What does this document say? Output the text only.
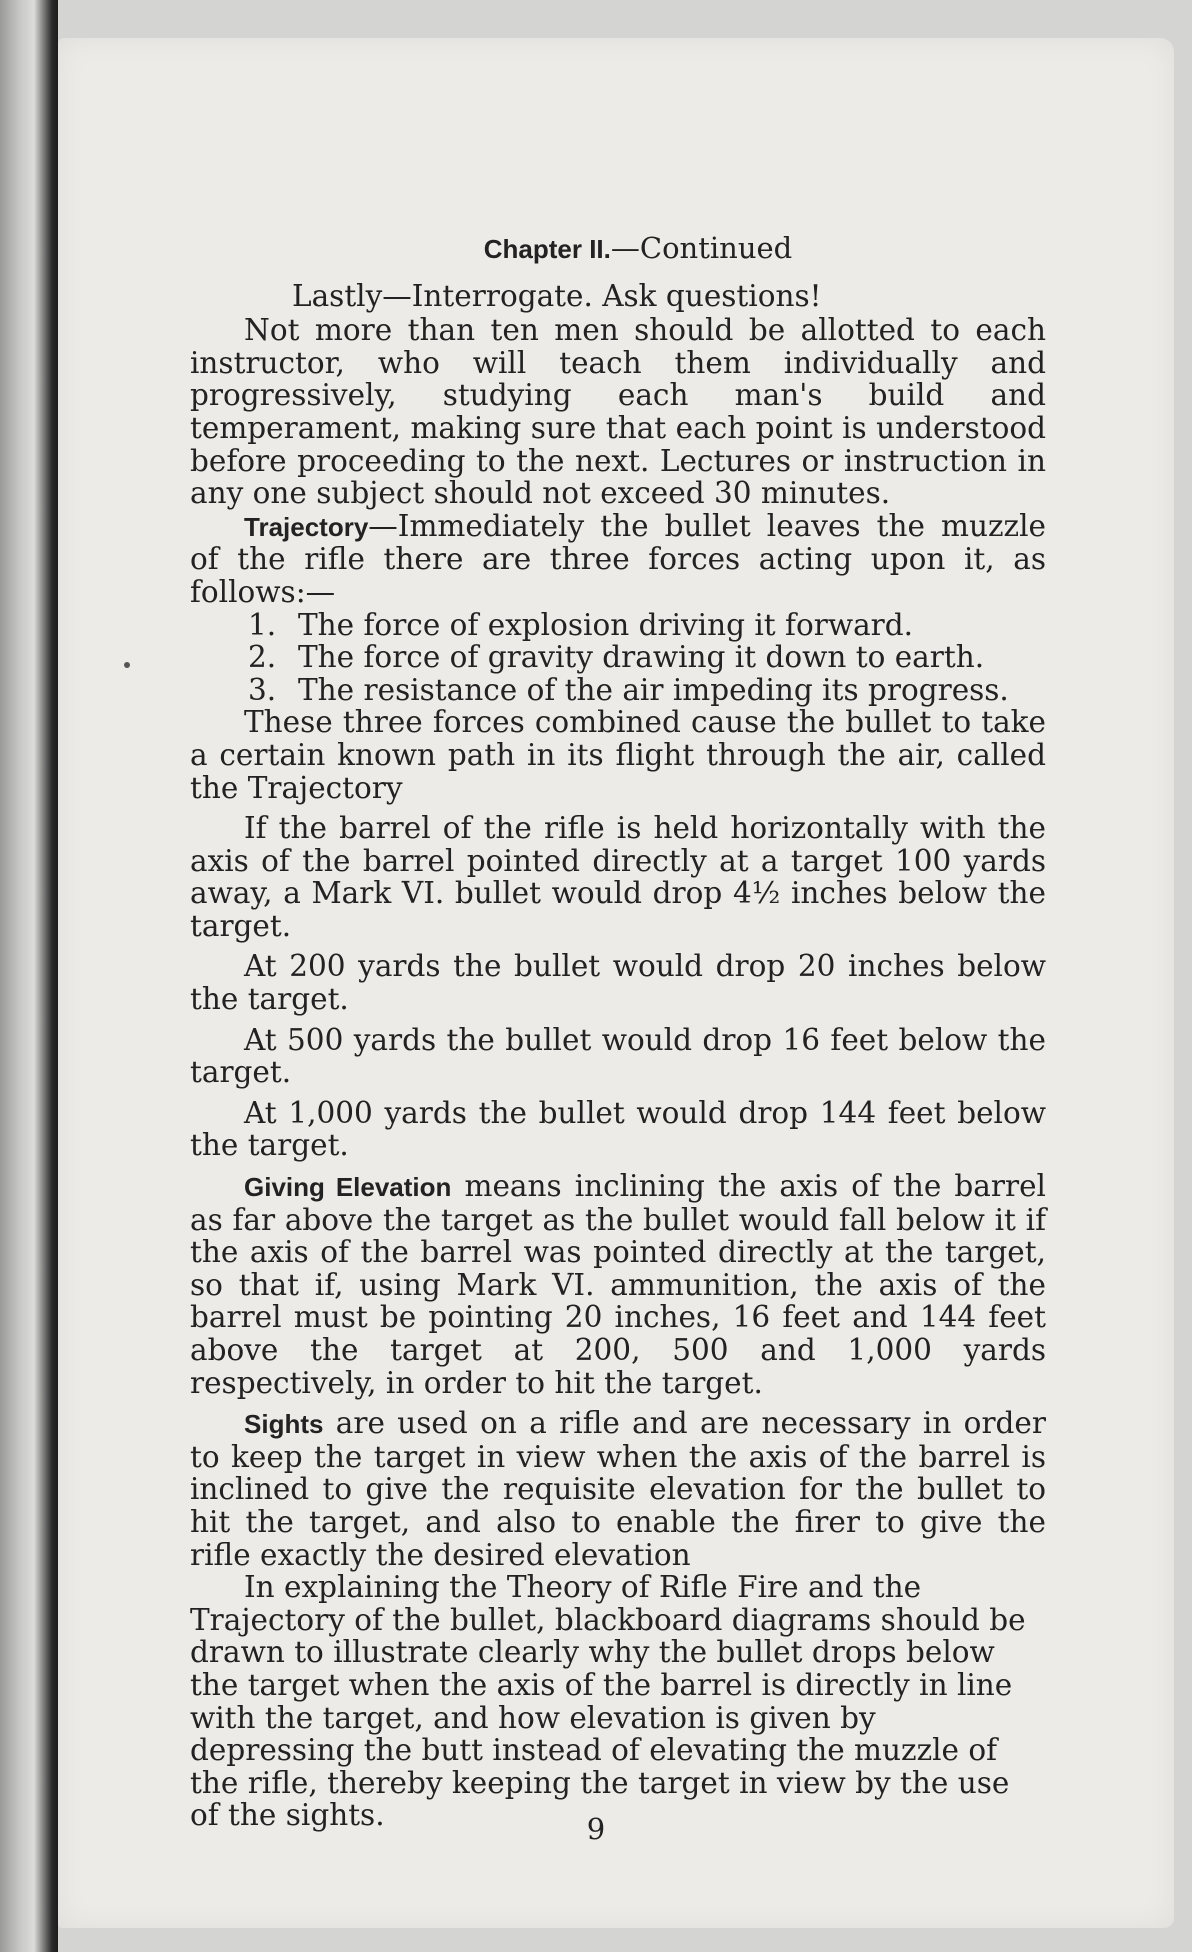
Chapter II.—Continued

Lastly—Interrogate. Ask questions!

Not more than ten men should be allotted to each instructor, who will teach them individually and progressively, studying each man's build and temperament, making sure that each point is understood before proceeding to the next. Lectures or instruction in any one subject should not exceed 30 minutes.

Trajectory—Immediately the bullet leaves the muzzle of the rifle there are three forces acting upon it, as follows:—

1. The force of explosion driving it forward.
2. The force of gravity drawing it down to earth.
3. The resistance of the air impeding its progress.

These three forces combined cause the bullet to take a certain known path in its flight through the air, called the Trajectory

If the barrel of the rifle is held horizontally with the axis of the barrel pointed directly at a target 100 yards away, a Mark VI. bullet would drop 4½ inches below the target.

At 200 yards the bullet would drop 20 inches below the target.

At 500 yards the bullet would drop 16 feet below the target.

At 1,000 yards the bullet would drop 144 feet below the target.

Giving Elevation means inclining the axis of the barrel as far above the target as the bullet would fall below it if the axis of the barrel was pointed directly at the target, so that if, using Mark VI. ammunition, the axis of the barrel must be pointing 20 inches, 16 feet and 144 feet above the target at 200, 500 and 1,000 yards respectively, in order to hit the target.

Sights are used on a rifle and are necessary in order to keep the target in view when the axis of the barrel is inclined to give the requisite elevation for the bullet to hit the target, and also to enable the firer to give the rifle exactly the desired elevation

In explaining the Theory of Rifle Fire and the Trajectory of the bullet, blackboard diagrams should be drawn to illustrate clearly why the bullet drops below the target when the axis of the barrel is directly in line with the target, and how elevation is given by depressing the butt instead of elevating the muzzle of the rifle, thereby keeping the target in view by the use of the sights.	9
